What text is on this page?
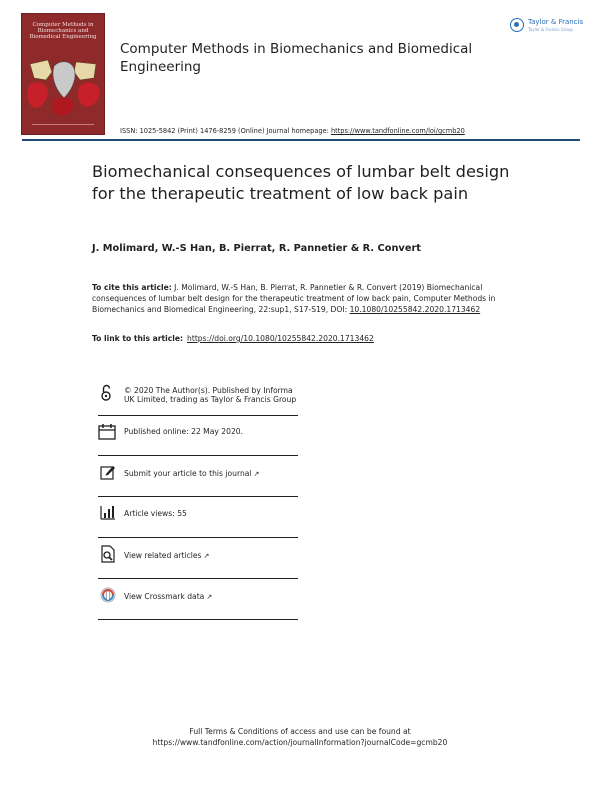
Computer Methods in Biomechanics and Biomedical Engineering
Computer Methods in Biomechanics and Biomedical Engineering
Taylor & Francis
Taylor & Francis Group
ISSN: 1025-5842 (Print) 1476-8259 (Online) Journal homepage: https://www.tandfonline.com/loi/gcmb20
Biomechanical consequences of lumbar belt design for the therapeutic treatment of low back pain
J. Molimard, W.-S Han, B. Pierrat, R. Pannetier & R. Convert
To cite this article: J. Molimard, W.-S Han, B. Pierrat, R. Pannetier & R. Convert (2019) Biomechanical consequences of lumbar belt design for the therapeutic treatment of low back pain, Computer Methods in Biomechanics and Biomedical Engineering, 22:sup1, S17-S19, DOI: 10.1080/10255842.2020.1713462
To link to this article: https://doi.org/10.1080/10255842.2020.1713462
© 2020 The Author(s). Published by Informa UK Limited, trading as Taylor & Francis Group
Published online: 22 May 2020.
Submit your article to this journal ↗
Article views: 55
View related articles ↗
View Crossmark data ↗
Full Terms & Conditions of access and use can be found at
https://www.tandfonline.com/action/journalInformation?journalCode=gcmb20
